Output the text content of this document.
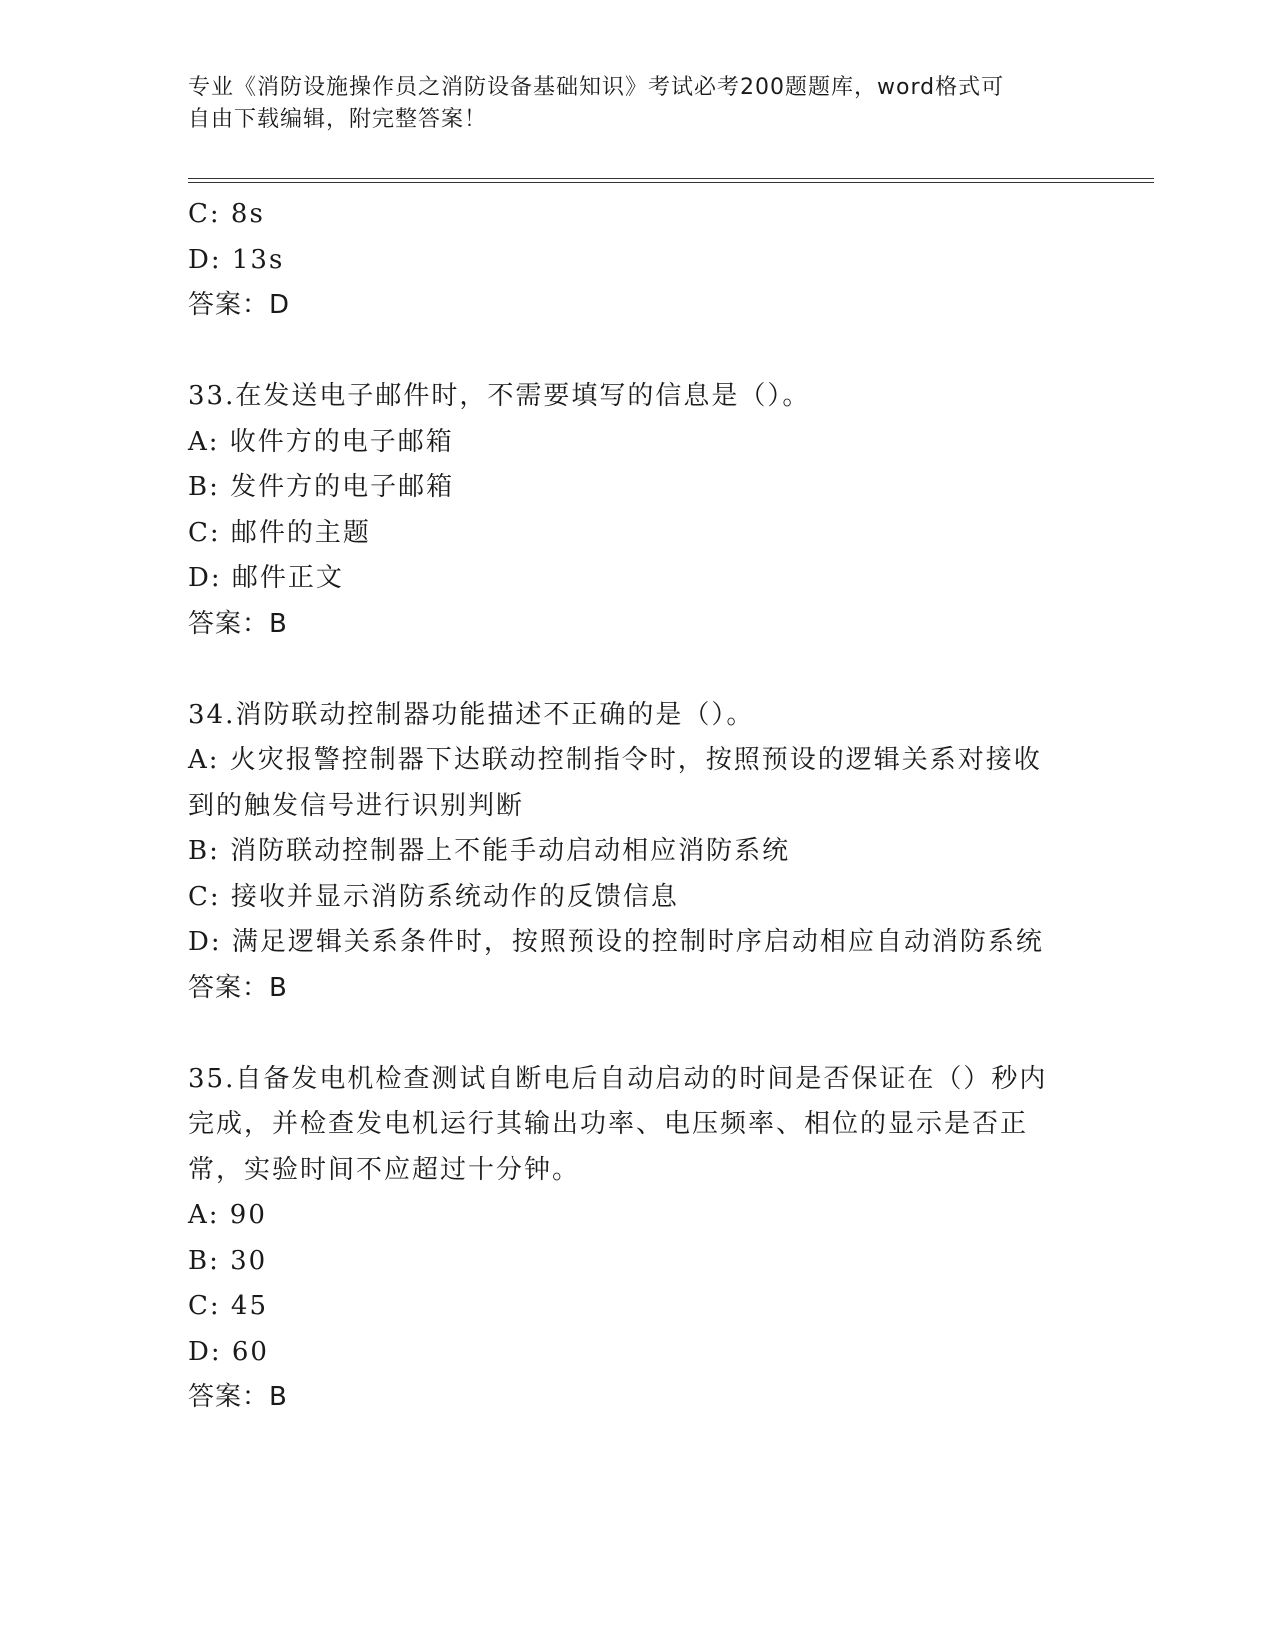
专业《消防设施操作员之消防设备基础知识》考试必考200题题库，word格式可
自由下载编辑，附完整答案！
C: 8s
D: 13s
答案：D
33.在发送电子邮件时，不需要填写的信息是（）。
A: 收件方的电子邮箱
B: 发件方的电子邮箱
C: 邮件的主题
D: 邮件正文
答案：B
34.消防联动控制器功能描述不正确的是（）。
A: 火灾报警控制器下达联动控制指令时，按照预设的逻辑关系对接收
到的触发信号进行识别判断
B: 消防联动控制器上不能手动启动相应消防系统
C: 接收并显示消防系统动作的反馈信息
D: 满足逻辑关系条件时，按照预设的控制时序启动相应自动消防系统
答案：B
35.自备发电机检查测试自断电后自动启动的时间是否保证在（）秒内
完成，并检查发电机运行其输出功率、电压频率、相位的显示是否正
常，实验时间不应超过十分钟。
A: 90
B: 30
C: 45
D: 60
答案：B
